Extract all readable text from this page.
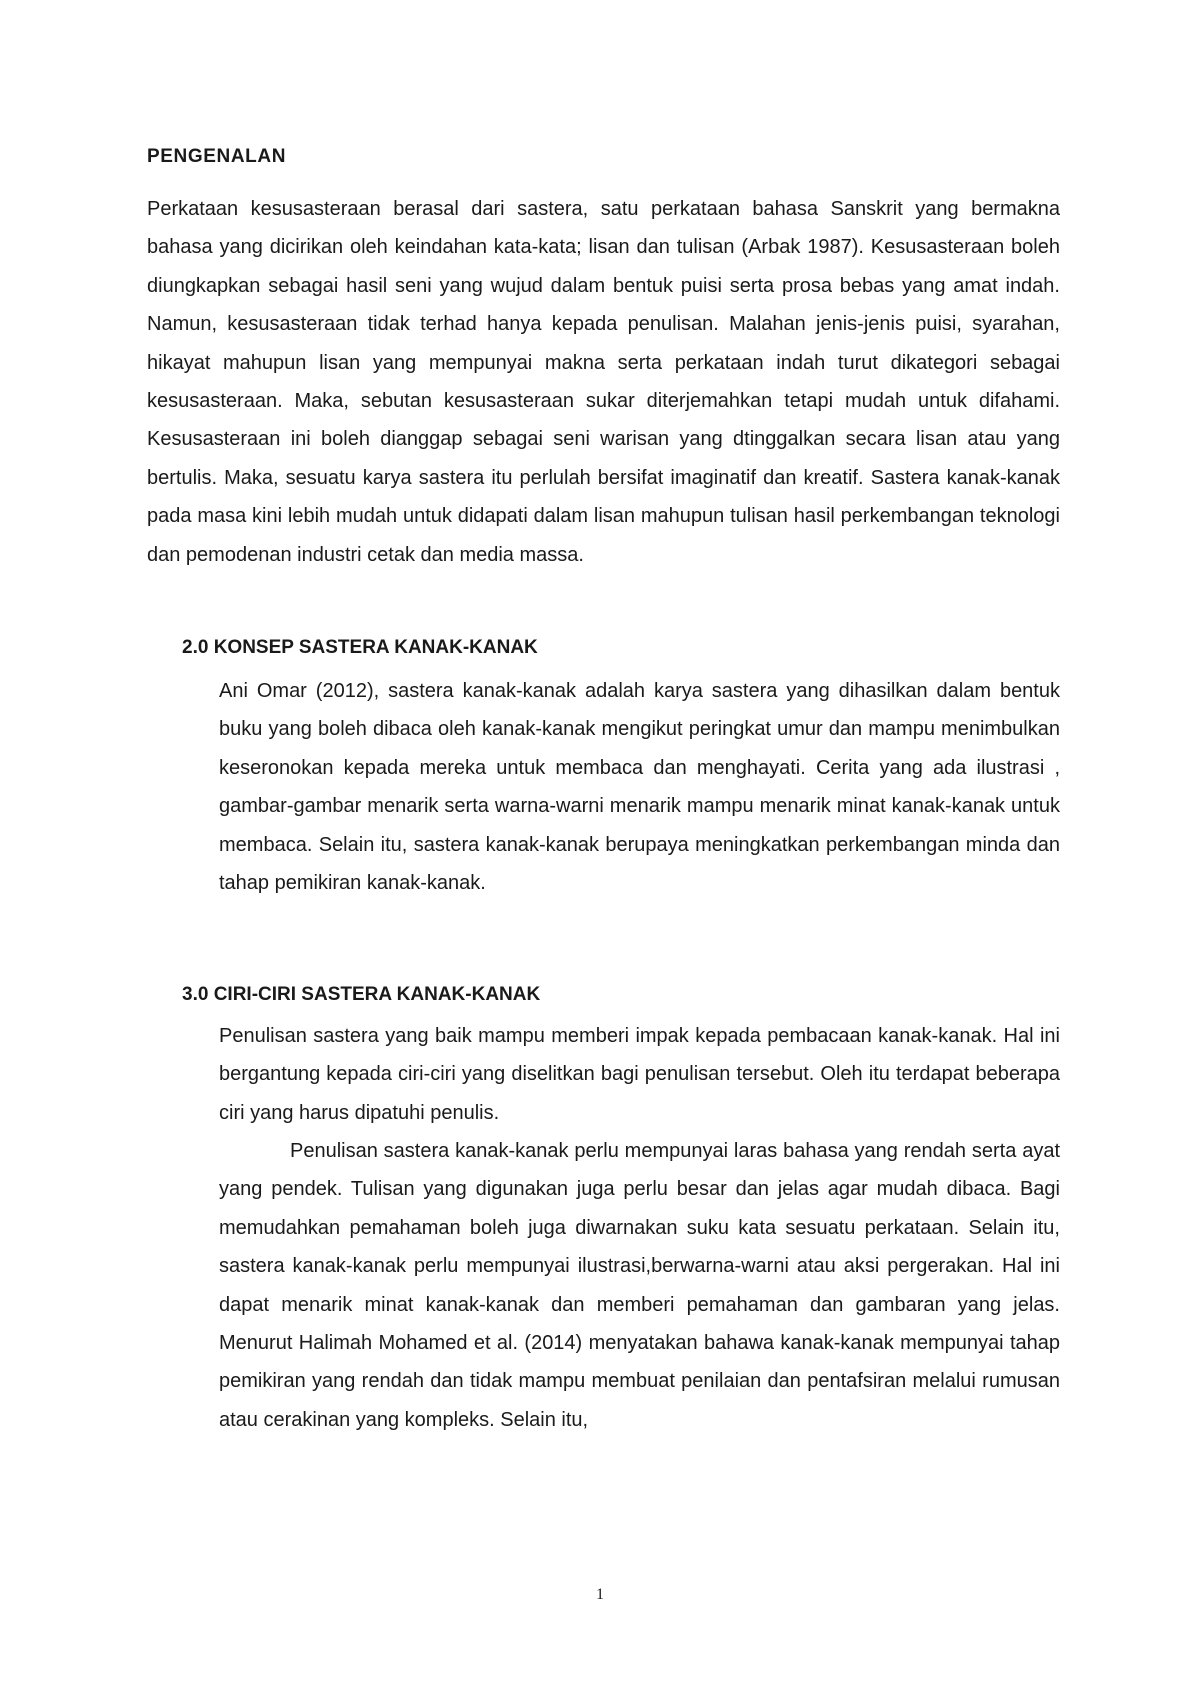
PENGENALAN

Perkataan kesusasteraan berasal dari sastera, satu perkataan bahasa Sanskrit yang bermakna bahasa yang dicirikan oleh keindahan kata-kata; lisan dan tulisan (Arbak 1987). Kesusasteraan boleh diungkapkan sebagai hasil seni yang wujud dalam bentuk puisi serta prosa bebas yang amat indah. Namun, kesusasteraan tidak terhad hanya kepada penulisan. Malahan jenis-jenis puisi, syarahan, hikayat mahupun lisan yang mempunyai makna serta perkataan indah turut dikategori sebagai kesusasteraan. Maka, sebutan kesusasteraan sukar diterjemahkan tetapi mudah untuk difahami. Kesusasteraan ini boleh dianggap sebagai seni warisan yang dtinggalkan secara lisan atau yang bertulis. Maka, sesuatu karya sastera itu perlulah bersifat imaginatif dan kreatif. Sastera kanak-kanak pada masa kini lebih mudah untuk didapati dalam lisan mahupun tulisan hasil perkembangan teknologi dan pemodenan industri cetak dan media massa.

2.0 KONSEP SASTERA KANAK-KANAK

Ani Omar (2012), sastera kanak-kanak adalah karya sastera yang dihasilkan dalam bentuk buku yang boleh dibaca oleh kanak-kanak mengikut peringkat umur dan mampu menimbulkan keseronokan kepada mereka untuk membaca dan menghayati. Cerita yang ada ilustrasi , gambar-gambar menarik serta warna-warni menarik mampu menarik minat kanak-kanak untuk membaca. Selain itu, sastera kanak-kanak berupaya meningkatkan perkembangan minda dan tahap pemikiran kanak-kanak.

3.0 CIRI-CIRI SASTERA KANAK-KANAK

Penulisan sastera yang baik mampu memberi impak kepada pembacaan kanak-kanak. Hal ini bergantung kepada ciri-ciri yang diselitkan bagi penulisan tersebut. Oleh itu terdapat beberapa ciri yang harus dipatuhi penulis.

Penulisan sastera kanak-kanak perlu mempunyai laras bahasa yang rendah serta ayat yang pendek. Tulisan yang digunakan juga perlu besar dan jelas agar mudah dibaca. Bagi memudahkan pemahaman boleh juga diwarnakan suku kata sesuatu perkataan. Selain itu, sastera kanak-kanak perlu mempunyai ilustrasi,berwarna-warni atau aksi pergerakan. Hal ini dapat menarik minat kanak-kanak dan memberi pemahaman dan gambaran yang jelas. Menurut Halimah Mohamed et al. (2014) menyatakan bahawa kanak-kanak mempunyai tahap pemikiran yang rendah dan tidak mampu membuat penilaian dan pentafsiran melalui rumusan atau cerakinan yang kompleks. Selain itu,

1
